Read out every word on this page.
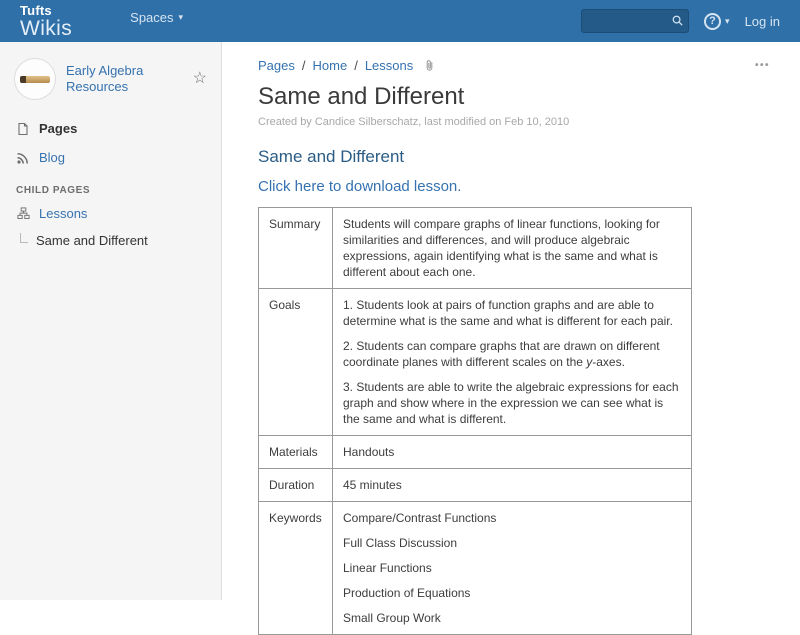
Tufts
Wikis	Spaces ▾	?	▾ Log in
Early Algebra Resources	☆
Pages
Blog
CHILD PAGES
Lessons
Same and Different
Pages / Home / Lessons	•••
Same and Different
Created by Candice Silberschatz, last modified on Feb 10, 2010
Same and Different
Click here to download lesson.
Summary	Students will compare graphs of linear functions, looking for similarities and differences, and will produce algebraic expressions, again identifying what is the same and what is different about each one.

Goals	1. Students look at pairs of function graphs and are able to determine what is the same and what is different for each pair.

2. Students can compare graphs that are drawn on different coordinate planes with different scales on the y-axes.

3. Students are able to write the algebraic expressions for each graph and show where in the expression we can see what is the same and what is different.

Materials	Handouts

Duration	45 minutes

Keywords	Compare/Contrast Functions

Full Class Discussion

Linear Functions

Production of Equations

Small Group Work
